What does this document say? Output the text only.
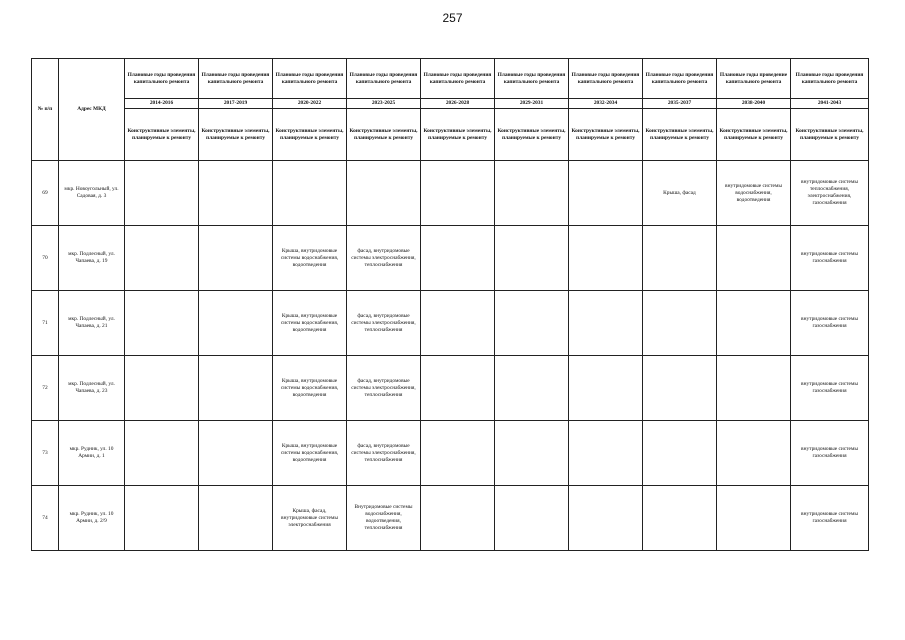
257
№ п/п	Адрес МКД	Плановые годы проведения капитального ремонта	Плановые годы проведения капитального ремонта	Плановые годы проведения капитального ремонта	Плановые годы проведения капитального ремонта	Плановые годы проведения капитального ремонта	Плановые годы проведения капитального ремонта	Плановые годы проведения капитального ремонта	Плановые годы проведения капитального ремонта	Плановые годы проведение капитального ремонта	Плановые годы проведения капитального ремонта
		2014-2016	2017-2019	2020-2022	2023-2025	2026-2028	2029-2031	2032-2034	2035-2037	2038-2040	2041-2043
		Конструктивные элементы, планируемые к ремонту	Конструктивные элементы, планируемые к ремонту	Конструктивные элементы, планируемые к ремонту	Конструктивные элементы, планируемые к ремонту	Конструктивные элементы, планируемые к ремонту	Конструктивные элементы, планируемые к ремонту	Конструктивные элементы, планируемые к ремонту	Конструктивные элементы, планируемые к ремонту	Конструктивные элементы, планируемые к ремонту	Конструктивные элементы, планируемые к ремонту
69	мкр. Новоугольный, ул. Садовая, д. 3								Крыша, фасад	внутридомовые системы водоснабжения, водоотведения	внутридомовые системы теплоснабжения, электроснабжения, газоснабжения
70	мкр. Подлесный, ул. Чапаева, д. 19			Крыша, внутридомовые системы водоснабжения, водоотведения	фасад, внутридомовые системы электроснабжения, теплоснабжения						внутридомовые системы газоснабжения
71	мкр. Подлесный, ул. Чапаева, д. 21			Крыша, внутридомовые системы водоснабжения, водоотведения	фасад, внутридомовые системы электроснабжения, теплоснабжения						внутридомовые системы газоснабжения
72	мкр. Подлесный, ул. Чапаева, д. 23			Крыша, внутридомовые системы водоснабжения, водоотведения	фасад, внутридомовые системы электроснабжения, теплоснабжения						внутридомовые системы газоснабжения
73	мкр. Рудник, ул. 10 Армии, д. 1			Крыша, внутридомовые системы водоснабжения, водоотведения	фасад, внутридомовые системы электроснабжения, теплоснабжения						внутридомовые системы газоснабжения
74	мкр. Рудник, ул. 10 Армии, д. 2/9			Крыша, фасад, внутридомовые системы электроснабжения	Внутридомовые системы водоснабжения, водоотведения, теплоснабжения						внутридомовые системы газоснабжения
